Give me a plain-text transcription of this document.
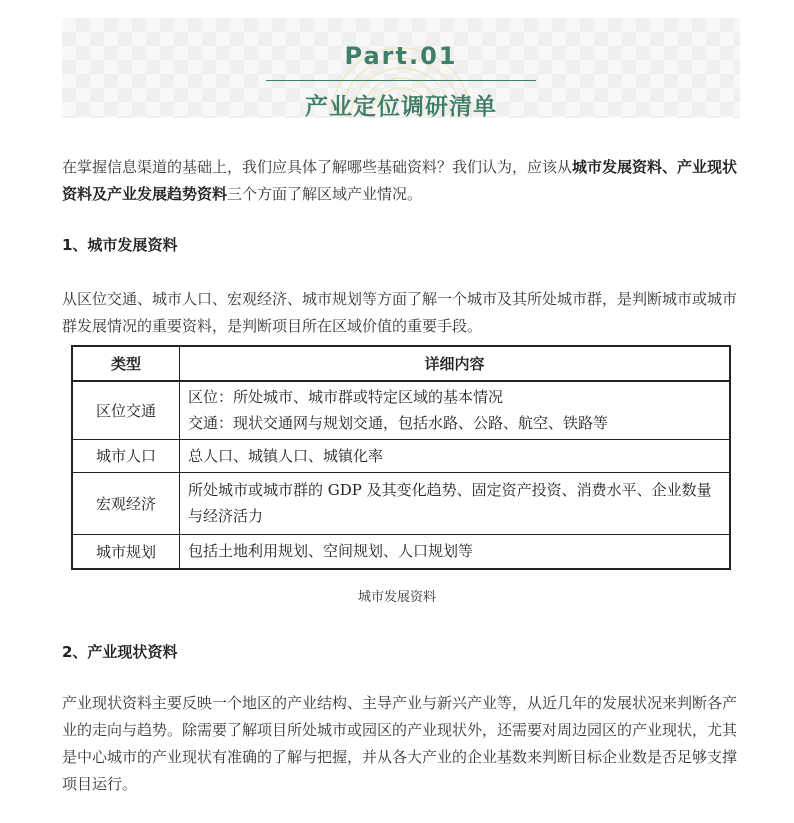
Part.01
产业定位调研清单

在掌握信息渠道的基础上，我们应具体了解哪些基础资料？我们认为，应该从城市发展资料、产业现状资料及产业发展趋势资料三个方面了解区域产业情况。

1、城市发展资料

从区位交通、城市人口、宏观经济、城市规划等方面了解一个城市及其所处城市群，是判断城市或城市群发展情况的重要资料，是判断项目所在区域价值的重要手段。

类型	详细内容
区位交通	区位：所处城市、城市群或特定区域的基本情况
交通：现状交通网与规划交通，包括水路、公路、航空、铁路等

城市人口	总人口、城镇人口、城镇化率

宏观经济	所处城市或城市群的 GDP 及其变化趋势、固定资产投资、消费水平、企业数量与经济活力

城市规划	包括土地利用规划、空间规划、人口规划等
城市发展资料
2、产业现状资料

产业现状资料主要反映一个地区的产业结构、主导产业与新兴产业等，从近几年的发展状况来判断各产业的走向与趋势。除需要了解项目所处城市或园区的产业现状外，还需要对周边园区的产业现状，尤其是中心城市的产业现状有准确的了解与把握，并从各大产业的企业基数来判断目标企业数是否足够支撑项目运行。
